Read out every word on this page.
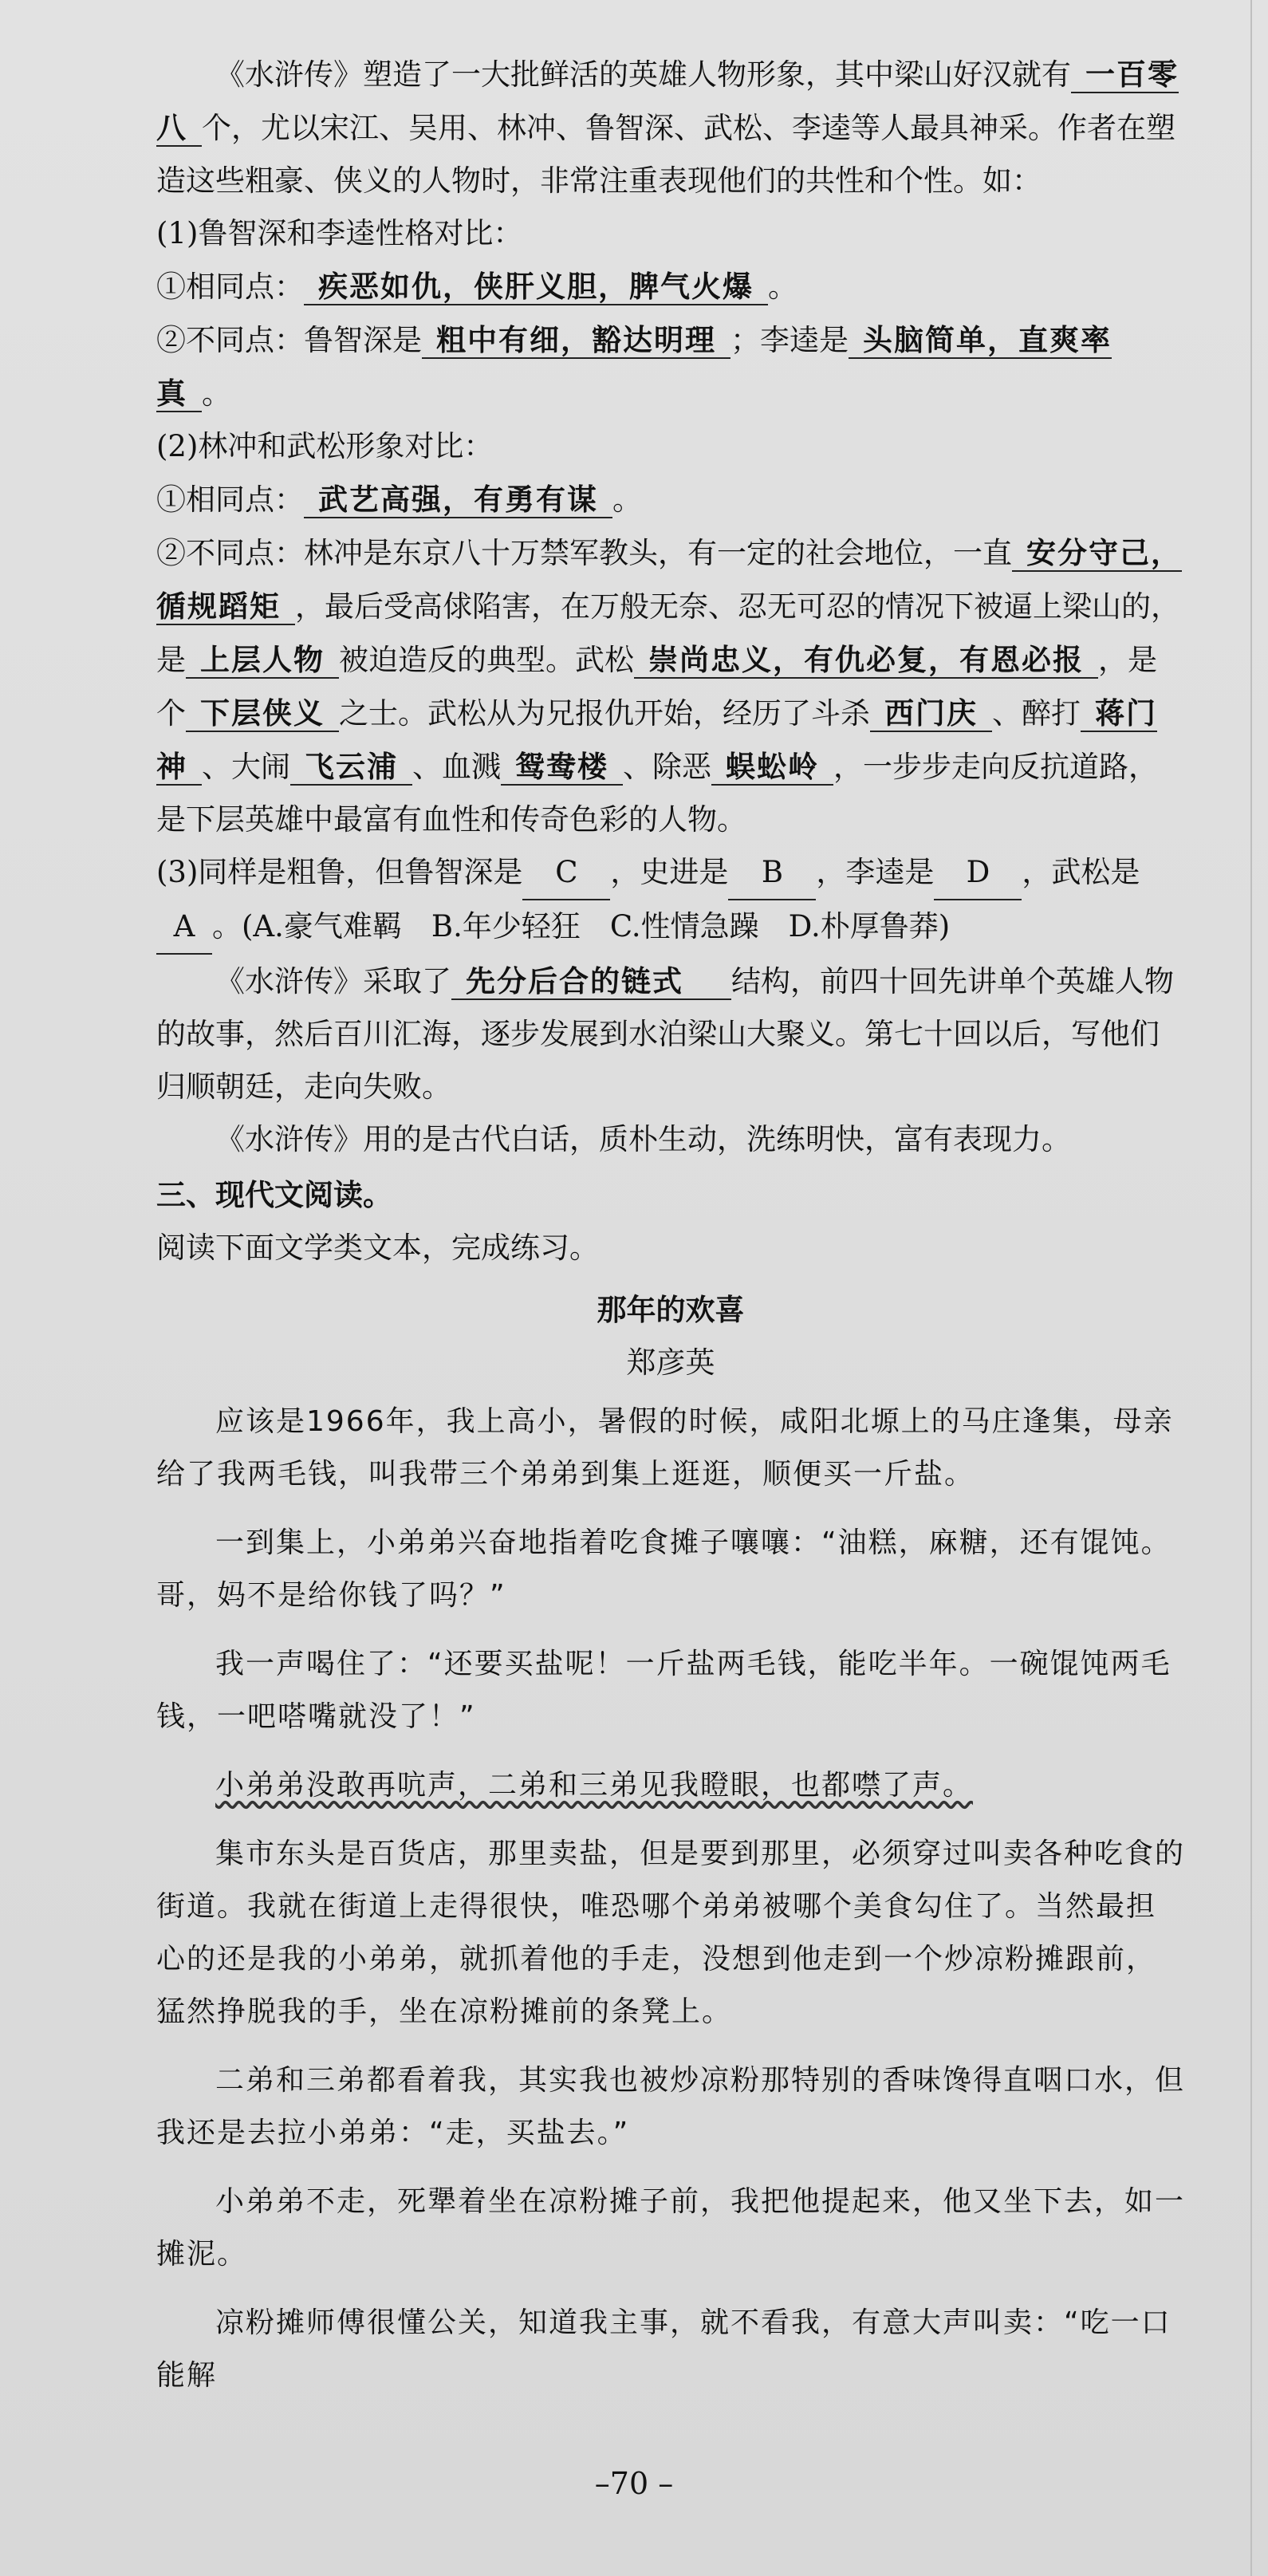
《水浒传》塑造了一大批鲜活的英雄人物形象，其中梁山好汉就有 一百零八 个，尤以宋江、吴用、林冲、鲁智深、武松、李逵等人最具神采。作者在塑造这些粗豪、侠义的人物时，非常注重表现他们的共性和个性。如：

(1)鲁智深和李逵性格对比：

①相同点： 疾恶如仇，侠肝义胆，脾气火爆 。

②不同点：鲁智深是 粗中有细，豁达明理 ；李逵是 头脑简单，直爽率真 。

(2)林冲和武松形象对比：

①相同点： 武艺高强，有勇有谋 。

②不同点：林冲是东京八十万禁军教头，有一定的社会地位，一直 安分守己，循规蹈矩 ，最后受高俅陷害，在万般无奈、忍无可忍的情况下被逼上梁山的，是 上层人物 被迫造反的典型。武松 崇尚忠义，有仇必复，有恩必报 ，是个 下层侠义 之士。武松从为兄报仇开始，经历了斗杀 西门庆 、醉打 蒋门神 、大闹 飞云浦 、血溅 鸳鸯楼 、除恶 蜈蚣岭 ，一步步走向反抗道路，是下层英雄中最富有血性和传奇色彩的人物。

(3)同样是粗鲁，但鲁智深是 C ，史进是 B ，李逵是 D ，武松是A 。(A.豪气难羁　B.年少轻狂　C.性情急躁　D.朴厚鲁莽)

《水浒传》采取了 先分后合的链式 结构，前四十回先讲单个英雄人物的故事，然后百川汇海，逐步发展到水泊梁山大聚义。第七十回以后，写他们归顺朝廷，走向失败。

《水浒传》用的是古代白话，质朴生动，洗练明快，富有表现力。

三、现代文阅读。

阅读下面文学类文本，完成练习。

那年的欢喜

郑彦英

应该是1966年，我上高小，暑假的时候，咸阳北塬上的马庄逢集，母亲给了我两毛钱，叫我带三个弟弟到集上逛逛，顺便买一斤盐。

一到集上，小弟弟兴奋地指着吃食摊子嚷嚷：“油糕，麻糖，还有馄饨。哥，妈不是给你钱了吗？”

我一声喝住了：“还要买盐呢！一斤盐两毛钱，能吃半年。一碗馄饨两毛钱，一吧嗒嘴就没了！”

小弟弟没敢再吭声，二弟和三弟见我瞪眼，也都噤了声。

集市东头是百货店，那里卖盐，但是要到那里，必须穿过叫卖各种吃食的街道。我就在街道上走得很快，唯恐哪个弟弟被哪个美食勾住了。当然最担心的还是我的小弟弟，就抓着他的手走，没想到他走到一个炒凉粉摊跟前，猛然挣脱我的手，坐在凉粉摊前的条凳上。

二弟和三弟都看着我，其实我也被炒凉粉那特别的香味馋得直咽口水，但我还是去拉小弟弟：“走，买盐去。”

小弟弟不走，死犟着坐在凉粉摊子前，我把他提起来，他又坐下去，如一摊泥。

凉粉摊师傅很懂公关，知道我主事，就不看我，有意大声叫卖：“吃一口能解

–70 –
